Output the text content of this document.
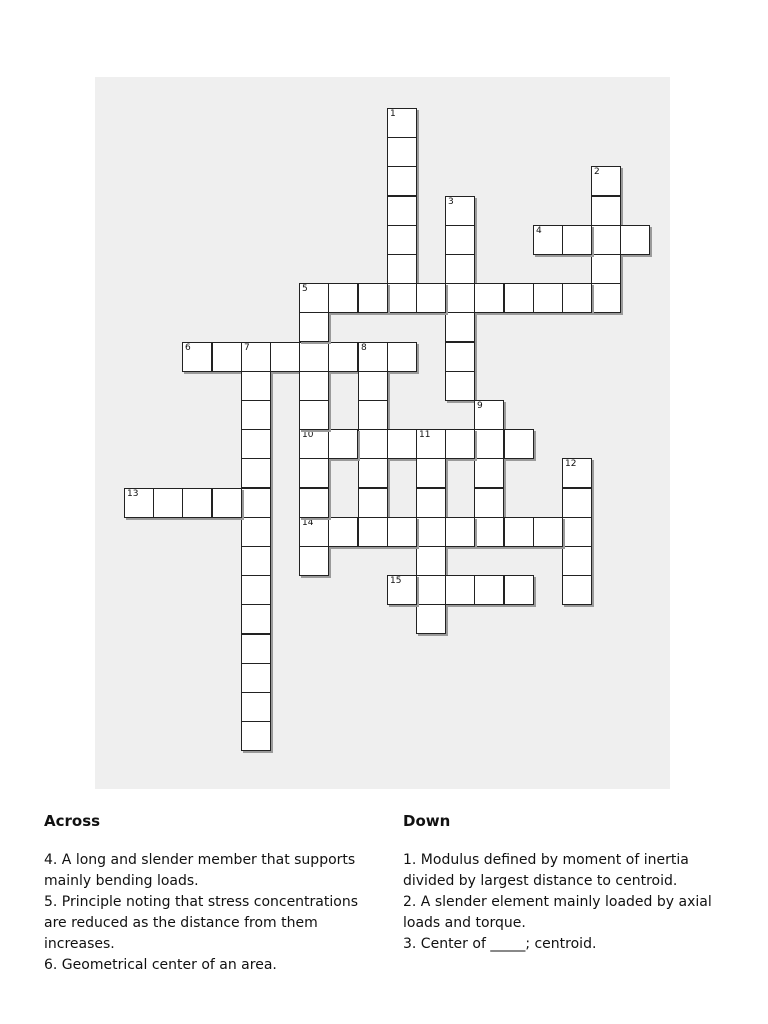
1
2
3
4
5
6	7	8
9
10	11
12
13
14
15
Across
4. A long and slender member that supports mainly bending loads.
5. Principle noting that stress concentrations are reduced as the distance from them increases.
6. Geometrical center of an area.
Down
1. Modulus defined by moment of inertia divided by largest distance to centroid.
2. A slender element mainly loaded by axial loads and torque.
3. Center of _____; centroid.
